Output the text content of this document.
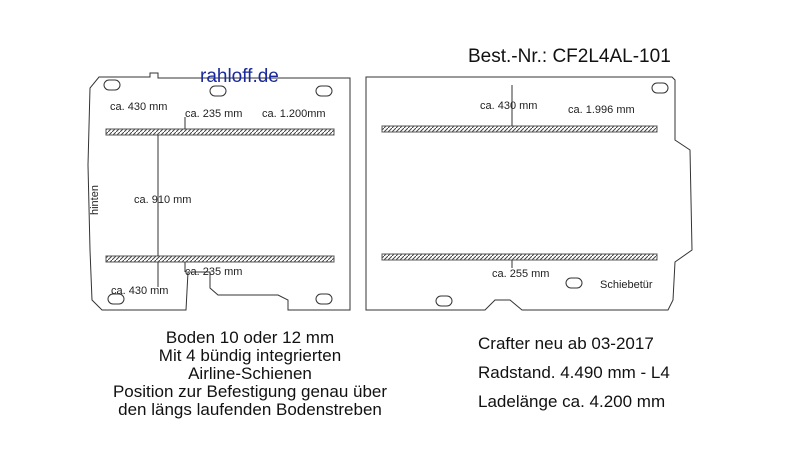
hinten
ca. 430 mm
ca. 235 mm ca. 1.200mm
ca. 910 mm
ca. 235 mm
ca. 430 mm
ca. 430 mm	ca. 1.996 mm
ca. 255 mm
Schiebetür
rahloff.de
Best.-Nr.: CF2L4AL-101
Boden 10 oder 12 mm
Mit 4 bündig integrierten
Airline-Schienen
Position zur Befestigung genau über
den längs laufenden Bodenstreben
Crafter neu ab 03-2017
Radstand. 4.490 mm - L4
Ladelänge ca. 4.200 mm
